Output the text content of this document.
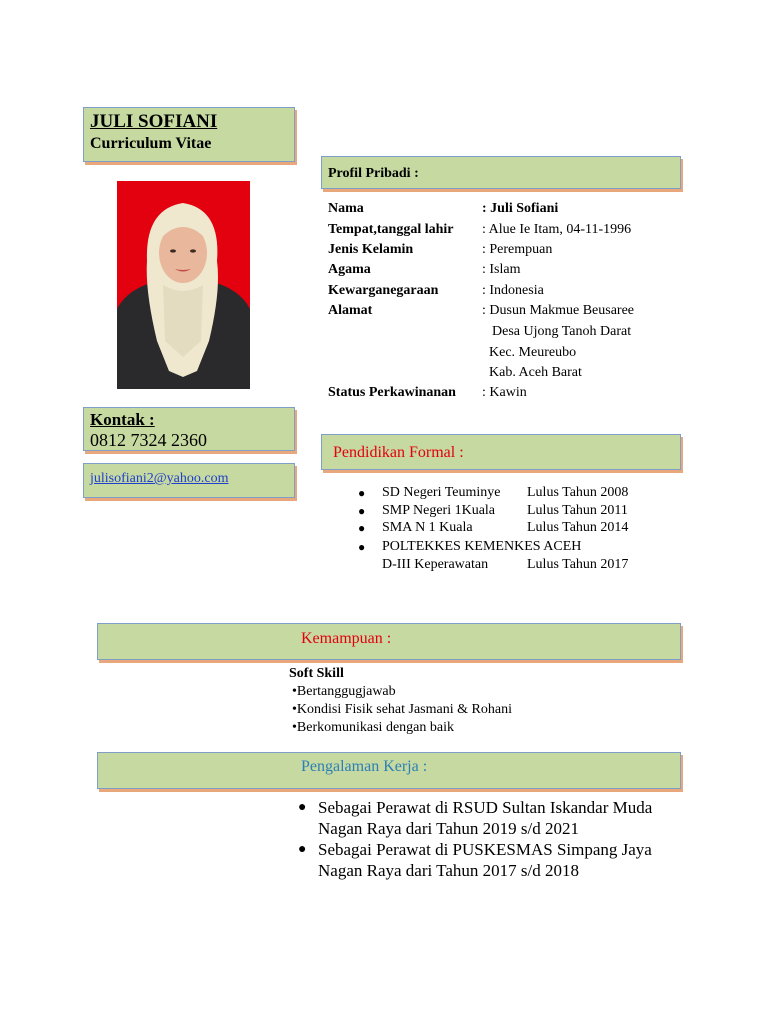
JULI SOFIANI
Curriculum Vitae
Kontak :
0812 7324 2360
julisofiani2@yahoo.com
Profil Pribadi :
Nama	: Juli Sofiani
Tempat,tanggal lahir : Alue Ie Itam, 04-11-1996
Jenis Kelamin	: Perempuan
Agama	: Islam
Kewarganegaraan	: Indonesia
Alamat	: Dusun Makmue Beusaree
Desa Ujong Tanoh Darat
Kec. Meureubo
Kab. Aceh Barat
Status Perkawinanan : Kawin
Pendidikan Formal :
● SD Negeri Teuminye Lulus Tahun 2008
● SMP Negeri 1Kuala Lulus Tahun 2011
● SMA N 1 Kuala	Lulus Tahun 2014
● POLTEKKES KEMENKES ACEH
D-III Keperawatan	Lulus Tahun 2017
Kemampuan :
Soft Skill
•Bertanggugjawab
•Kondisi Fisik sehat Jasmani & Rohani
•Berkomunikasi dengan baik
Pengalaman Kerja :
● Sebagai Perawat di RSUD Sultan Iskandar Muda
Nagan Raya dari Tahun 2019 s/d 2021
● Sebagai Perawat di PUSKESMAS Simpang Jaya
Nagan Raya dari Tahun 2017 s/d 2018
